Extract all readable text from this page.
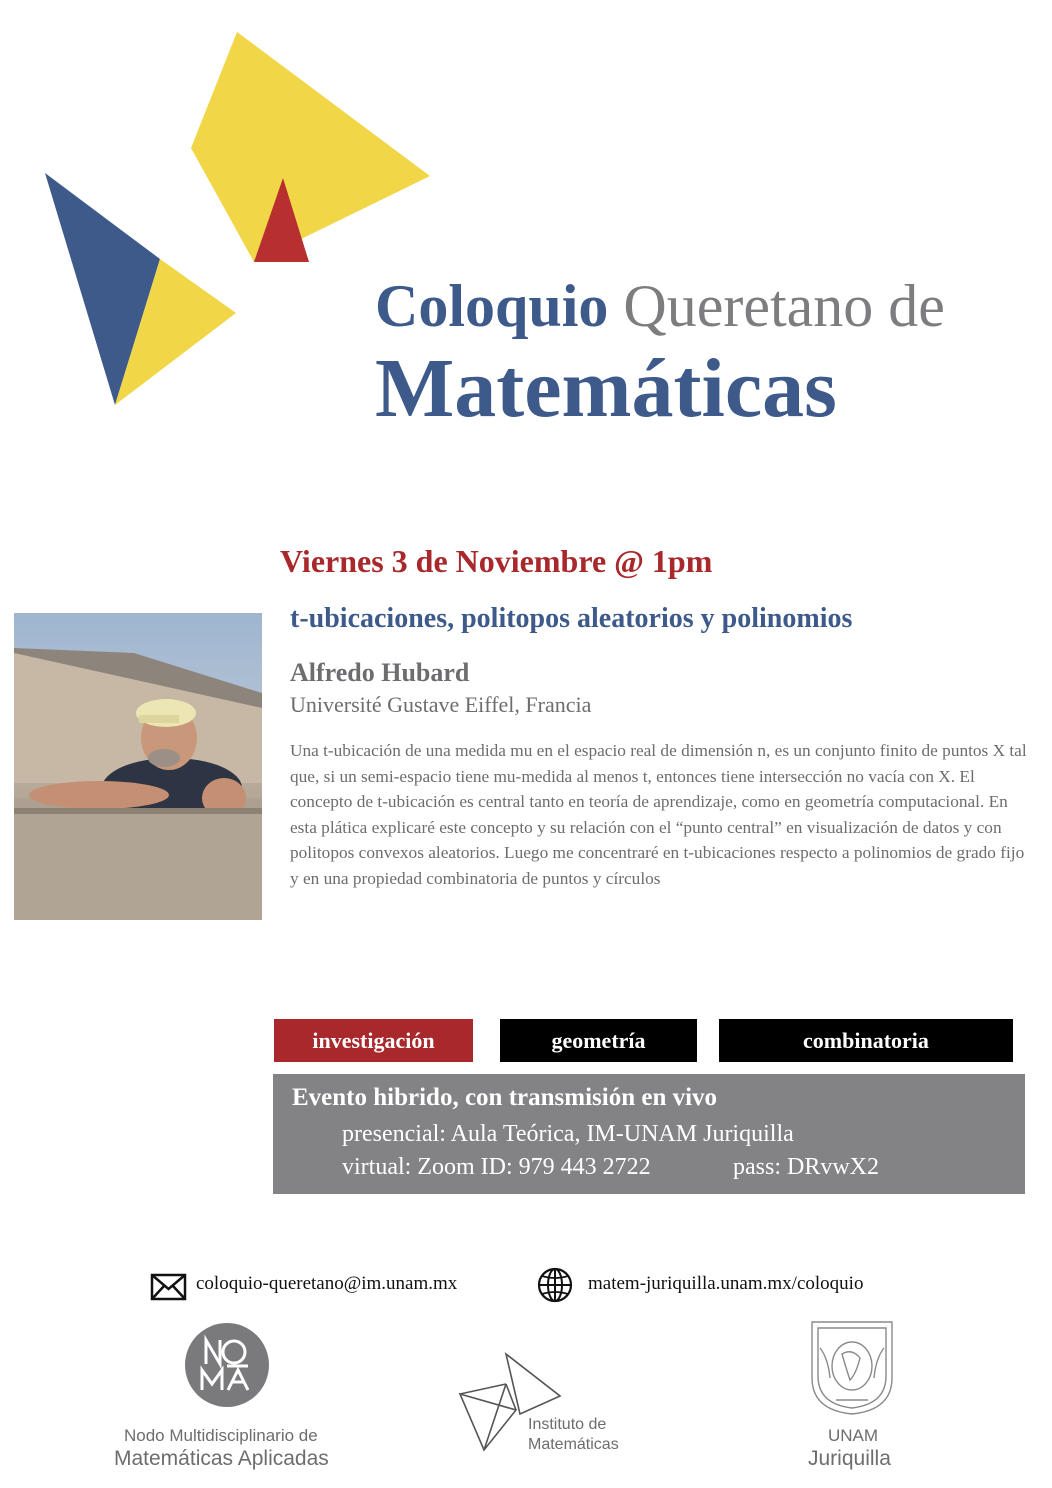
Coloquio Queretano de
Matemáticas
Viernes 3 de Noviembre @ 1pm
t-ubicaciones, politopos aleatorios y polinomios
Alfredo Hubard
Université Gustave Eiffel, Francia
Una t-ubicación de una medida mu en el espacio real de dimensión n, es un conjunto finito de puntos X tal que, si un semi-espacio tiene mu-medida al menos t, entonces tiene intersección no vacía con X. El concepto de t-ubicación es central tanto en teoría de aprendizaje, como en geometría computacional. En esta plática explicaré este concepto y su relación con el “punto central” en visualización de datos y con politopos convexos aleatorios. Luego me concentraré en t-ubicaciones respecto a polinomios de grado fijo y en una propiedad combinatoria de puntos y círculos
investigación	geometría	combinatoria
Evento hibrido, con transmisión en vivo
presencial: Aula Teórica, IM-UNAM Juriquilla
virtual: Zoom ID: 979 443 2722	pass: DRvwX2
coloquio-queretano@im.unam.mx	matem-juriquilla.unam.mx/coloquio
Nodo Multidisciplinario de
Matemáticas Aplicadas
Instituto de
Matemáticas	UNAM
Juriquilla
